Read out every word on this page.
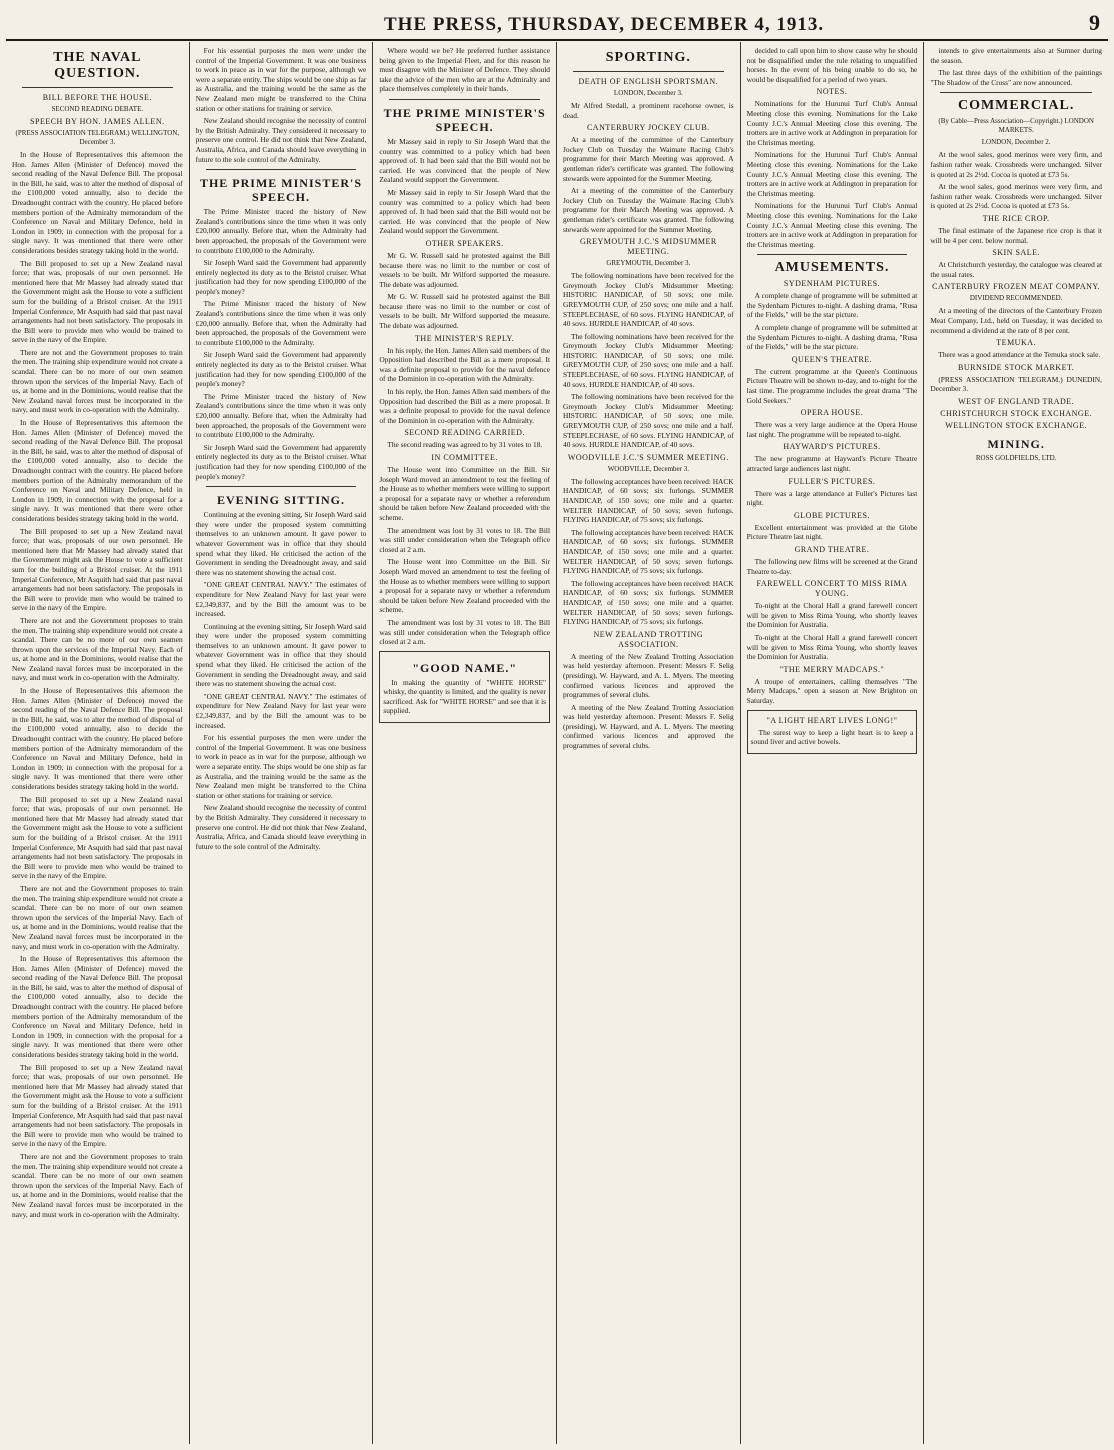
THE PRESS, THURSDAY, DECEMBER 4, 1913.	9
THE NAVAL QUESTION.
BILL BEFORE THE HOUSE.
SECOND READING DEBATE.
SPEECH BY HON. JAMES ALLEN.
(PRESS ASSOCIATION TELEGRAM.) WELLINGTON, December 3.

In the House of Representatives this afternoon the Hon. James Allen (Minister of Defence) moved the second reading of the Naval Defence Bill. The proposal in the Bill, he said, was to alter the method of disposal of the £100,000 voted annually, also to decide the Dreadnought contract with the country. He placed before members portion of the Admiralty memorandum of the Conference on Naval and Military Defence, held in London in 1909, in connection with the proposal for a single navy. It was mentioned that there were other considerations besides strategy taking hold in the world.

The Bill proposed to set up a New Zealand naval force; that was, proposals of our own personnel. He mentioned here that Mr Massey had already stated that the Government might ask the House to vote a sufficient sum for the building of a Bristol cruiser. At the 1911 Imperial Conference, Mr Asquith had said that past naval arrangements had not been satisfactory. The proposals in the Bill were to provide men who would be trained to serve in the navy of the Empire.

There are not and the Government proposes to train the men. The training ship expenditure would not create a scandal. There can be no more of our own seamen thrown upon the services of the Imperial Navy. Each of us, at home and in the Dominions, would realise that the New Zealand naval forces must be incorporated in the navy, and must work in co-operation with the Admiralty.

In the House of Representatives this afternoon the Hon. James Allen (Minister of Defence) moved the second reading of the Naval Defence Bill. The proposal in the Bill, he said, was to alter the method of disposal of the £100,000 voted annually, also to decide the Dreadnought contract with the country. He placed before members portion of the Admiralty memorandum of the Conference on Naval and Military Defence, held in London in 1909, in connection with the proposal for a single navy. It was mentioned that there were other considerations besides strategy taking hold in the world.

The Bill proposed to set up a New Zealand naval force; that was, proposals of our own personnel. He mentioned here that Mr Massey had already stated that the Government might ask the House to vote a sufficient sum for the building of a Bristol cruiser. At the 1911 Imperial Conference, Mr Asquith had said that past naval arrangements had not been satisfactory. The proposals in the Bill were to provide men who would be trained to serve in the navy of the Empire.

There are not and the Government proposes to train the men. The training ship expenditure would not create a scandal. There can be no more of our own seamen thrown upon the services of the Imperial Navy. Each of us, at home and in the Dominions, would realise that the New Zealand naval forces must be incorporated in the navy, and must work in co-operation with the Admiralty.

In the House of Representatives this afternoon the Hon. James Allen (Minister of Defence) moved the second reading of the Naval Defence Bill. The proposal in the Bill, he said, was to alter the method of disposal of the £100,000 voted annually, also to decide the Dreadnought contract with the country. He placed before members portion of the Admiralty memorandum of the Conference on Naval and Military Defence, held in London in 1909, in connection with the proposal for a single navy. It was mentioned that there were other considerations besides strategy taking hold in the world.

The Bill proposed to set up a New Zealand naval force; that was, proposals of our own personnel. He mentioned here that Mr Massey had already stated that the Government might ask the House to vote a sufficient sum for the building of a Bristol cruiser. At the 1911 Imperial Conference, Mr Asquith had said that past naval arrangements had not been satisfactory. The proposals in the Bill were to provide men who would be trained to serve in the navy of the Empire.

There are not and the Government proposes to train the men. The training ship expenditure would not create a scandal. There can be no more of our own seamen thrown upon the services of the Imperial Navy. Each of us, at home and in the Dominions, would realise that the New Zealand naval forces must be incorporated in the navy, and must work in co-operation with the Admiralty.

In the House of Representatives this afternoon the Hon. James Allen (Minister of Defence) moved the second reading of the Naval Defence Bill. The proposal in the Bill, he said, was to alter the method of disposal of the £100,000 voted annually, also to decide the Dreadnought contract with the country. He placed before members portion of the Admiralty memorandum of the Conference on Naval and Military Defence, held in London in 1909, in connection with the proposal for a single navy. It was mentioned that there were other considerations besides strategy taking hold in the world.

The Bill proposed to set up a New Zealand naval force; that was, proposals of our own personnel. He mentioned here that Mr Massey had already stated that the Government might ask the House to vote a sufficient sum for the building of a Bristol cruiser. At the 1911 Imperial Conference, Mr Asquith had said that past naval arrangements had not been satisfactory. The proposals in the Bill were to provide men who would be trained to serve in the navy of the Empire.

There are not and the Government proposes to train the men. The training ship expenditure would not create a scandal. There can be no more of our own seamen thrown upon the services of the Imperial Navy. Each of us, at home and in the Dominions, would realise that the New Zealand naval forces must be incorporated in the navy, and must work in co-operation with the Admiralty.

For his essential purposes the men were under the control of the Imperial Government. It was one business to work in peace as in war for the purpose, although we were a separate entity. The ships would be one ship as far as Australia, and the training would be the same as the New Zealand men might be transferred to the China station or other stations for training or service.

New Zealand should recognise the necessity of control by the British Admiralty. They considered it necessary to preserve one control. He did not think that New Zealand, Australia, Africa, and Canada should leave everything in future to the sole control of the Admiralty.

THE PRIME MINISTER'S SPEECH.

The Prime Minister traced the history of New Zealand's contributions since the time when it was only £20,000 annually. Before that, when the Admiralty had been approached, the proposals of the Government were to contribute £100,000 to the Admiralty.

Sir Joseph Ward said the Government had apparently entirely neglected its duty as to the Bristol cruiser. What justification had they for now spending £100,000 of the people's money?

The Prime Minister traced the history of New Zealand's contributions since the time when it was only £20,000 annually. Before that, when the Admiralty had been approached, the proposals of the Government were to contribute £100,000 to the Admiralty.

Sir Joseph Ward said the Government had apparently entirely neglected its duty as to the Bristol cruiser. What justification had they for now spending £100,000 of the people's money?

The Prime Minister traced the history of New Zealand's contributions since the time when it was only £20,000 annually. Before that, when the Admiralty had been approached, the proposals of the Government were to contribute £100,000 to the Admiralty.

Sir Joseph Ward said the Government had apparently entirely neglected its duty as to the Bristol cruiser. What justification had they for now spending £100,000 of the people's money?

EVENING SITTING.

Continuing at the evening sitting, Sir Joseph Ward said they were under the proposed system committing themselves to an unknown amount. It gave power to whatever Government was in office that they should spend what they liked. He criticised the action of the Government in sending the Dreadnought away, and said there was no statement showing the actual cost.

"ONE GREAT CENTRAL NAVY." The estimates of expenditure for New Zealand Navy for last year were £2,349,837, and by the Bill the amount was to be increased.

Continuing at the evening sitting, Sir Joseph Ward said they were under the proposed system committing themselves to an unknown amount. It gave power to whatever Government was in office that they should spend what they liked. He criticised the action of the Government in sending the Dreadnought away, and said there was no statement showing the actual cost.

"ONE GREAT CENTRAL NAVY." The estimates of expenditure for New Zealand Navy for last year were £2,349,837, and by the Bill the amount was to be increased.

For his essential purposes the men were under the control of the Imperial Government. It was one business to work in peace as in war for the purpose, although we were a separate entity. The ships would be one ship as far as Australia, and the training would be the same as the New Zealand men might be transferred to the China station or other stations for training or service.

New Zealand should recognise the necessity of control by the British Admiralty. They considered it necessary to preserve one control. He did not think that New Zealand, Australia, Africa, and Canada should leave everything in future to the sole control of the Admiralty.

Where would we be? He preferred further assistance being given to the Imperial Fleet, and for this reason he must disagree with the Minister of Defence. They should take the advice of the men who are at the Admiralty and place themselves completely in their hands.

THE PRIME MINISTER'S SPEECH.

Mr Massey said in reply to Sir Joseph Ward that the country was committed to a policy which had been approved of. It had been said that the Bill would not be carried. He was convinced that the people of New Zealand would support the Government.

Mr Massey said in reply to Sir Joseph Ward that the country was committed to a policy which had been approved of. It had been said that the Bill would not be carried. He was convinced that the people of New Zealand would support the Government.

OTHER SPEAKERS.

Mr G. W. Russell said he protested against the Bill because there was no limit to the number or cost of vessels to be built. Mr Wilford supported the measure. The debate was adjourned.

Mr G. W. Russell said he protested against the Bill because there was no limit to the number or cost of vessels to be built. Mr Wilford supported the measure. The debate was adjourned.

THE MINISTER'S REPLY.

In his reply, the Hon. James Allen said members of the Opposition had described the Bill as a mere proposal. It was a definite proposal to provide for the naval defence of the Dominion in co-operation with the Admiralty.

In his reply, the Hon. James Allen said members of the Opposition had described the Bill as a mere proposal. It was a definite proposal to provide for the naval defence of the Dominion in co-operation with the Admiralty.

SECOND READING CARRIED.

The second reading was agreed to by 31 votes to 18.

IN COMMITTEE.

The House went into Committee on the Bill. Sir Joseph Ward moved an amendment to test the feeling of the House as to whether members were willing to support a proposal for a separate navy or whether a referendum should be taken before New Zealand proceeded with the scheme.

The amendment was lost by 31 votes to 18. The Bill was still under consideration when the Telegraph office closed at 2 a.m.

The House went into Committee on the Bill. Sir Joseph Ward moved an amendment to test the feeling of the House as to whether members were willing to support a proposal for a separate navy or whether a referendum should be taken before New Zealand proceeded with the scheme.

The amendment was lost by 31 votes to 18. The Bill was still under consideration when the Telegraph office closed at 2 a.m.

"GOOD NAME."

In making the quantity of "WHITE HORSE" whisky, the quantity is limited, and the quality is never sacrificed. Ask for "WHITE HORSE" and see that it is supplied.

SPORTING.
DEATH OF ENGLISH SPORTSMAN.
LONDON, December 3.

Mr Alfred Stedall, a prominent racehorse owner, is dead.

CANTERBURY JOCKEY CLUB.

At a meeting of the committee of the Canterbury Jockey Club on Tuesday the Waimate Racing Club's programme for their March Meeting was approved. A gentleman rider's certificate was granted. The following stewards were appointed for the Summer Meeting.

At a meeting of the committee of the Canterbury Jockey Club on Tuesday the Waimate Racing Club's programme for their March Meeting was approved. A gentleman rider's certificate was granted. The following stewards were appointed for the Summer Meeting.

GREYMOUTH J.C.'S MIDSUMMER MEETING.
GREYMOUTH, December 3.

The following nominations have been received for the Greymouth Jockey Club's Midsummer Meeting: HISTORIC HANDICAP, of 50 sovs; one mile. GREYMOUTH CUP, of 250 sovs; one mile and a half. STEEPLECHASE, of 60 sovs. FLYING HANDICAP, of 40 sovs. HURDLE HANDICAP, of 40 sovs.

The following nominations have been received for the Greymouth Jockey Club's Midsummer Meeting: HISTORIC HANDICAP, of 50 sovs; one mile. GREYMOUTH CUP, of 250 sovs; one mile and a half. STEEPLECHASE, of 60 sovs. FLYING HANDICAP, of 40 sovs. HURDLE HANDICAP, of 40 sovs.

The following nominations have been received for the Greymouth Jockey Club's Midsummer Meeting: HISTORIC HANDICAP, of 50 sovs; one mile. GREYMOUTH CUP, of 250 sovs; one mile and a half. STEEPLECHASE, of 60 sovs. FLYING HANDICAP, of 40 sovs. HURDLE HANDICAP, of 40 sovs.

WOODVILLE J.C.'S SUMMER MEETING.
WOODVILLE, December 3.

The following acceptances have been received: HACK HANDICAP, of 60 sovs; six furlongs. SUMMER HANDICAP, of 150 sovs; one mile and a quarter. WELTER HANDICAP, of 50 sovs; seven furlongs. FLYING HANDICAP, of 75 sovs; six furlongs.

The following acceptances have been received: HACK HANDICAP, of 60 sovs; six furlongs. SUMMER HANDICAP, of 150 sovs; one mile and a quarter. WELTER HANDICAP, of 50 sovs; seven furlongs. FLYING HANDICAP, of 75 sovs; six furlongs.

The following acceptances have been received: HACK HANDICAP, of 60 sovs; six furlongs. SUMMER HANDICAP, of 150 sovs; one mile and a quarter. WELTER HANDICAP, of 50 sovs; seven furlongs. FLYING HANDICAP, of 75 sovs; six furlongs.

NEW ZEALAND TROTTING ASSOCIATION.

A meeting of the New Zealand Trotting Association was held yesterday afternoon. Present: Messrs F. Selig (presiding), W. Hayward, and A. L. Myers. The meeting confirmed various licences and approved the programmes of several clubs.

A meeting of the New Zealand Trotting Association was held yesterday afternoon. Present: Messrs F. Selig (presiding), W. Hayward, and A. L. Myers. The meeting confirmed various licences and approved the programmes of several clubs.

decided to call upon him to show cause why he should not be disqualified under the rule relating to unqualified horses. In the event of his being unable to do so, he would be disqualified for a period of two years.

NOTES.

Nominations for the Hurunui Turf Club's Annual Meeting close this evening. Nominations for the Lake County J.C.'s Annual Meeting close this evening. The trotters are in active work at Addington in preparation for the Christmas meeting.

Nominations for the Hurunui Turf Club's Annual Meeting close this evening. Nominations for the Lake County J.C.'s Annual Meeting close this evening. The trotters are in active work at Addington in preparation for the Christmas meeting.

Nominations for the Hurunui Turf Club's Annual Meeting close this evening. Nominations for the Lake County J.C.'s Annual Meeting close this evening. The trotters are in active work at Addington in preparation for the Christmas meeting.

AMUSEMENTS.
SYDENHAM PICTURES.

A complete change of programme will be submitted at the Sydenham Pictures to-night. A dashing drama, "Rusa of the Fields," will be the star picture.

A complete change of programme will be submitted at the Sydenham Pictures to-night. A dashing drama, "Rusa of the Fields," will be the star picture.

QUEEN'S THEATRE.

The current programme at the Queen's Continuous Picture Theatre will be shown to-day, and to-night for the last time. The programme includes the great drama "The Gold Seekers."

OPERA HOUSE.

There was a very large audience at the Opera House last night. The programme will be repeated to-night.

HAYWARD'S PICTURES.

The new programme at Hayward's Picture Theatre attracted large audiences last night.

FULLER'S PICTURES.

There was a large attendance at Fuller's Pictures last night.

GLOBE PICTURES.

Excellent entertainment was provided at the Globe Picture Theatre last night.

GRAND THEATRE.

The following new films will be screened at the Grand Theatre to-day.

FAREWELL CONCERT TO MISS RIMA YOUNG.

To-night at the Choral Hall a grand farewell concert will be given to Miss Rima Young, who shortly leaves the Dominion for Australia.

To-night at the Choral Hall a grand farewell concert will be given to Miss Rima Young, who shortly leaves the Dominion for Australia.

"THE MERRY MADCAPS."

A troupe of entertainers, calling themselves "The Merry Madcaps," open a season at New Brighton on Saturday.

"A LIGHT HEART LIVES LONG!"

The surest way to keep a light heart is to keep a sound liver and active bowels.

intends to give entertainments also at Sumner during the season.

The last three days of the exhibition of the paintings "The Shadow of the Cross" are now announced.

COMMERCIAL.
(By Cable—Press Association—Copyright.) LONDON MARKETS.
LONDON, December 2.

At the wool sales, good merinos were very firm, and fashion rather weak. Crossbreds were unchanged. Silver is quoted at 2s 2½d. Cocoa is quoted at £73 5s.

At the wool sales, good merinos were very firm, and fashion rather weak. Crossbreds were unchanged. Silver is quoted at 2s 2½d. Cocoa is quoted at £73 5s.

THE RICE CROP.

The final estimate of the Japanese rice crop is that it will be 4 per cent. below normal.

SKIN SALE.

At Christchurch yesterday, the catalogue was cleared at the usual rates.

CANTERBURY FROZEN MEAT COMPANY.
DIVIDEND RECOMMENDED.

At a meeting of the directors of the Canterbury Frozen Meat Company, Ltd., held on Tuesday, it was decided to recommend a dividend at the rate of 8 per cent.

TEMUKA.

There was a good attendance at the Temuka stock sale.

BURNSIDE STOCK MARKET.

(PRESS ASSOCIATION TELEGRAM.) DUNEDIN, December 3.

WEST OF ENGLAND TRADE.
CHRISTCHURCH STOCK EXCHANGE.
WELLINGTON STOCK EXCHANGE.
MINING.
ROSS GOLDFIELDS, LTD.
